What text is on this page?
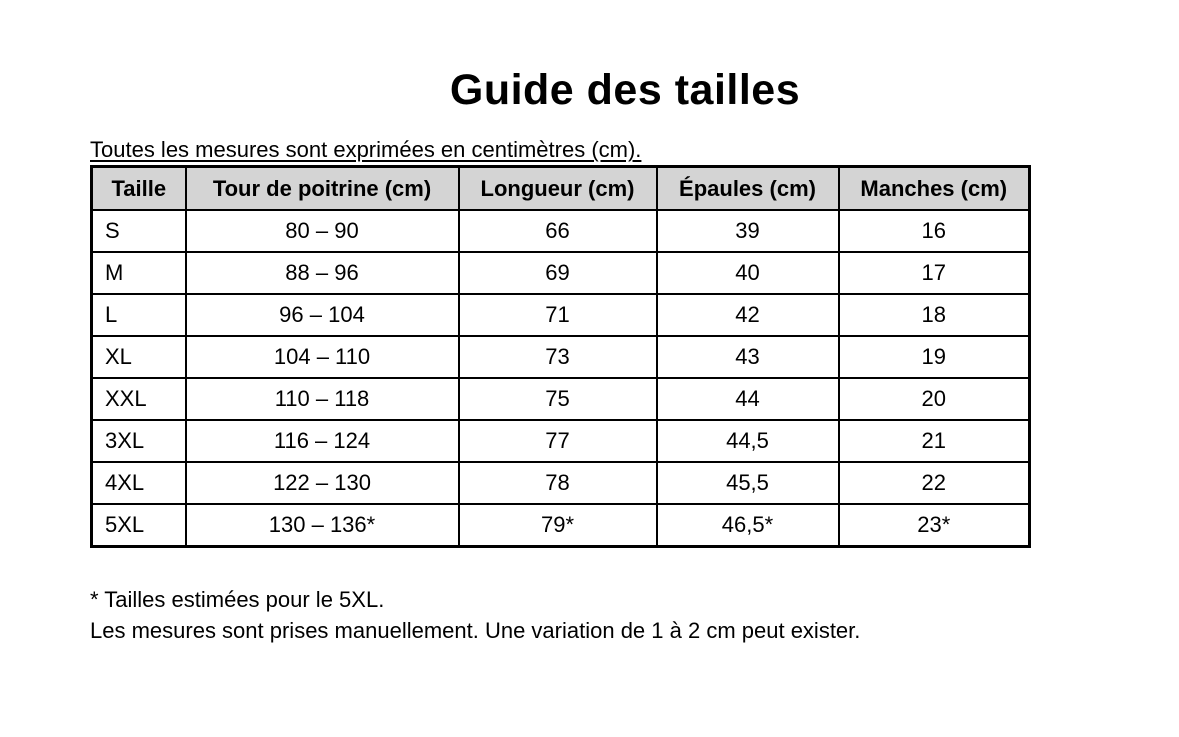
Guide des tailles

Toutes les mesures sont exprimées en centimètres (cm).

Taille	Tour de poitrine (cm)	Longueur (cm)	Épaules (cm)	Manches (cm)
S	80 – 90	66	39	16
M	88 – 96	69	40	17
L	96 – 104	71	42	18
XL	104 – 110	73	43	19
XXL	110 – 118	75	44	20
3XL	116 – 124	77	44,5	21
4XL	122 – 130	78	45,5	22
5XL	130 – 136*	79*	46,5*	23*

* Tailles estimées pour le 5XL.

Les mesures sont prises manuellement. Une variation de 1 à 2 cm peut exister.
